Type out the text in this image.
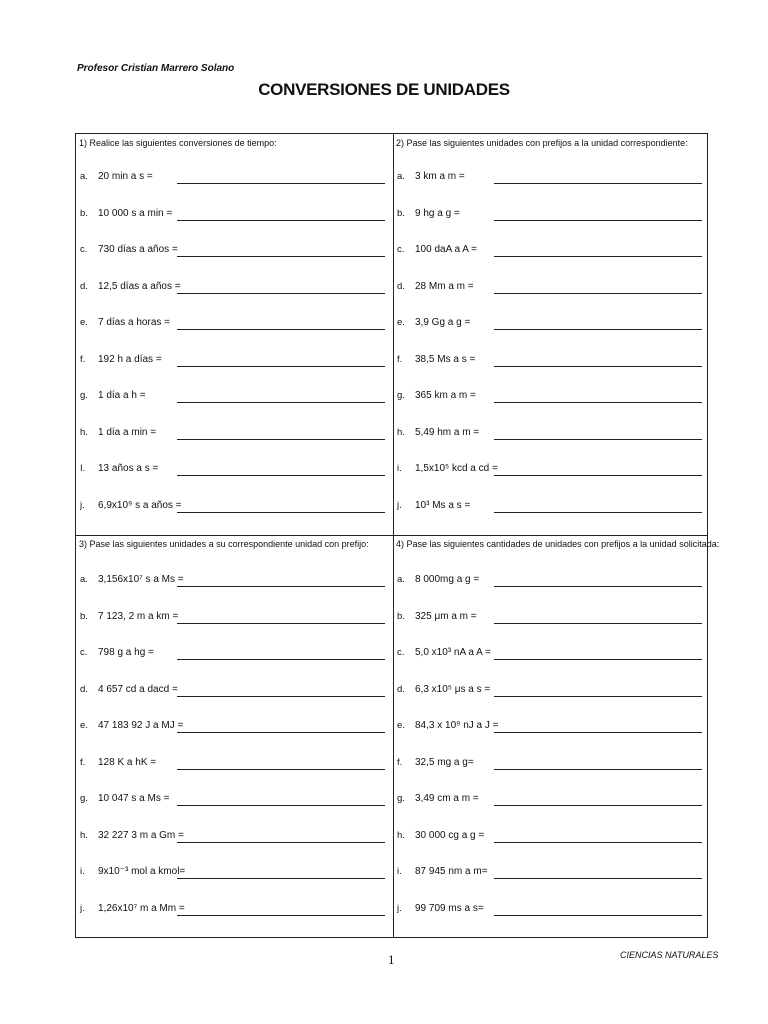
Profesor Cristian Marrero Solano
CONVERSIONES DE UNIDADES
1) Realice las siguientes conversiones de tiempo:
a. 20 min a s =
b. 10 000 s a min =
c. 730 días a años =
d. 12,5 días a años =
e. 7 días a horas =
f. 192 h a días =
g. 1 día a h =
h. 1 día a min =
I. 13 años a s =
j. 6,9x10⁹ s a años =
2) Pase las siguientes unidades con prefijos a la unidad correspondiente:
a. 3 km a m =
b. 9 hg a g =
c. 100 daA a A =
d. 28 Mm a m =
e. 3,9 Gg a g =
f. 38,5 Ms a s =
g. 365 km a m =
h. 5,49 hm a m =
i. 1,5x10⁵ kcd a cd =
j. 10³ Ms a s =
3) Pase las siguientes unidades a su correspondiente unidad con prefijo:
a. 3,156x10⁷ s a Ms =
b. 7 123, 2 m a km =
c. 798 g a hg =
d. 4 657 cd a dacd =
e. 47 183 92 J a MJ =
f. 128 K a hK =
g. 10 047 s a Ms =
h. 32 227 3 m a Gm =
i. 9x10⁻³ mol a kmol=
j. 1,26x10⁷ m a Mm =
4) Pase las siguientes cantidades de unidades con prefijos a la unidad solicitada:
a. 8 000mg a g =
b. 325 μm a m =
c. 5,0 x10³ nA a A =
d. 6,3 x10⁵ μs a s =
e. 84,3 x 10⁹ nJ a J =
f. 32,5 mg a g=
g. 3,49 cm a m =
h. 30 000 cg a g =
i. 87 945 nm a m=
j. 99 709 ms a s=
1	CIENCIAS NATURALES
